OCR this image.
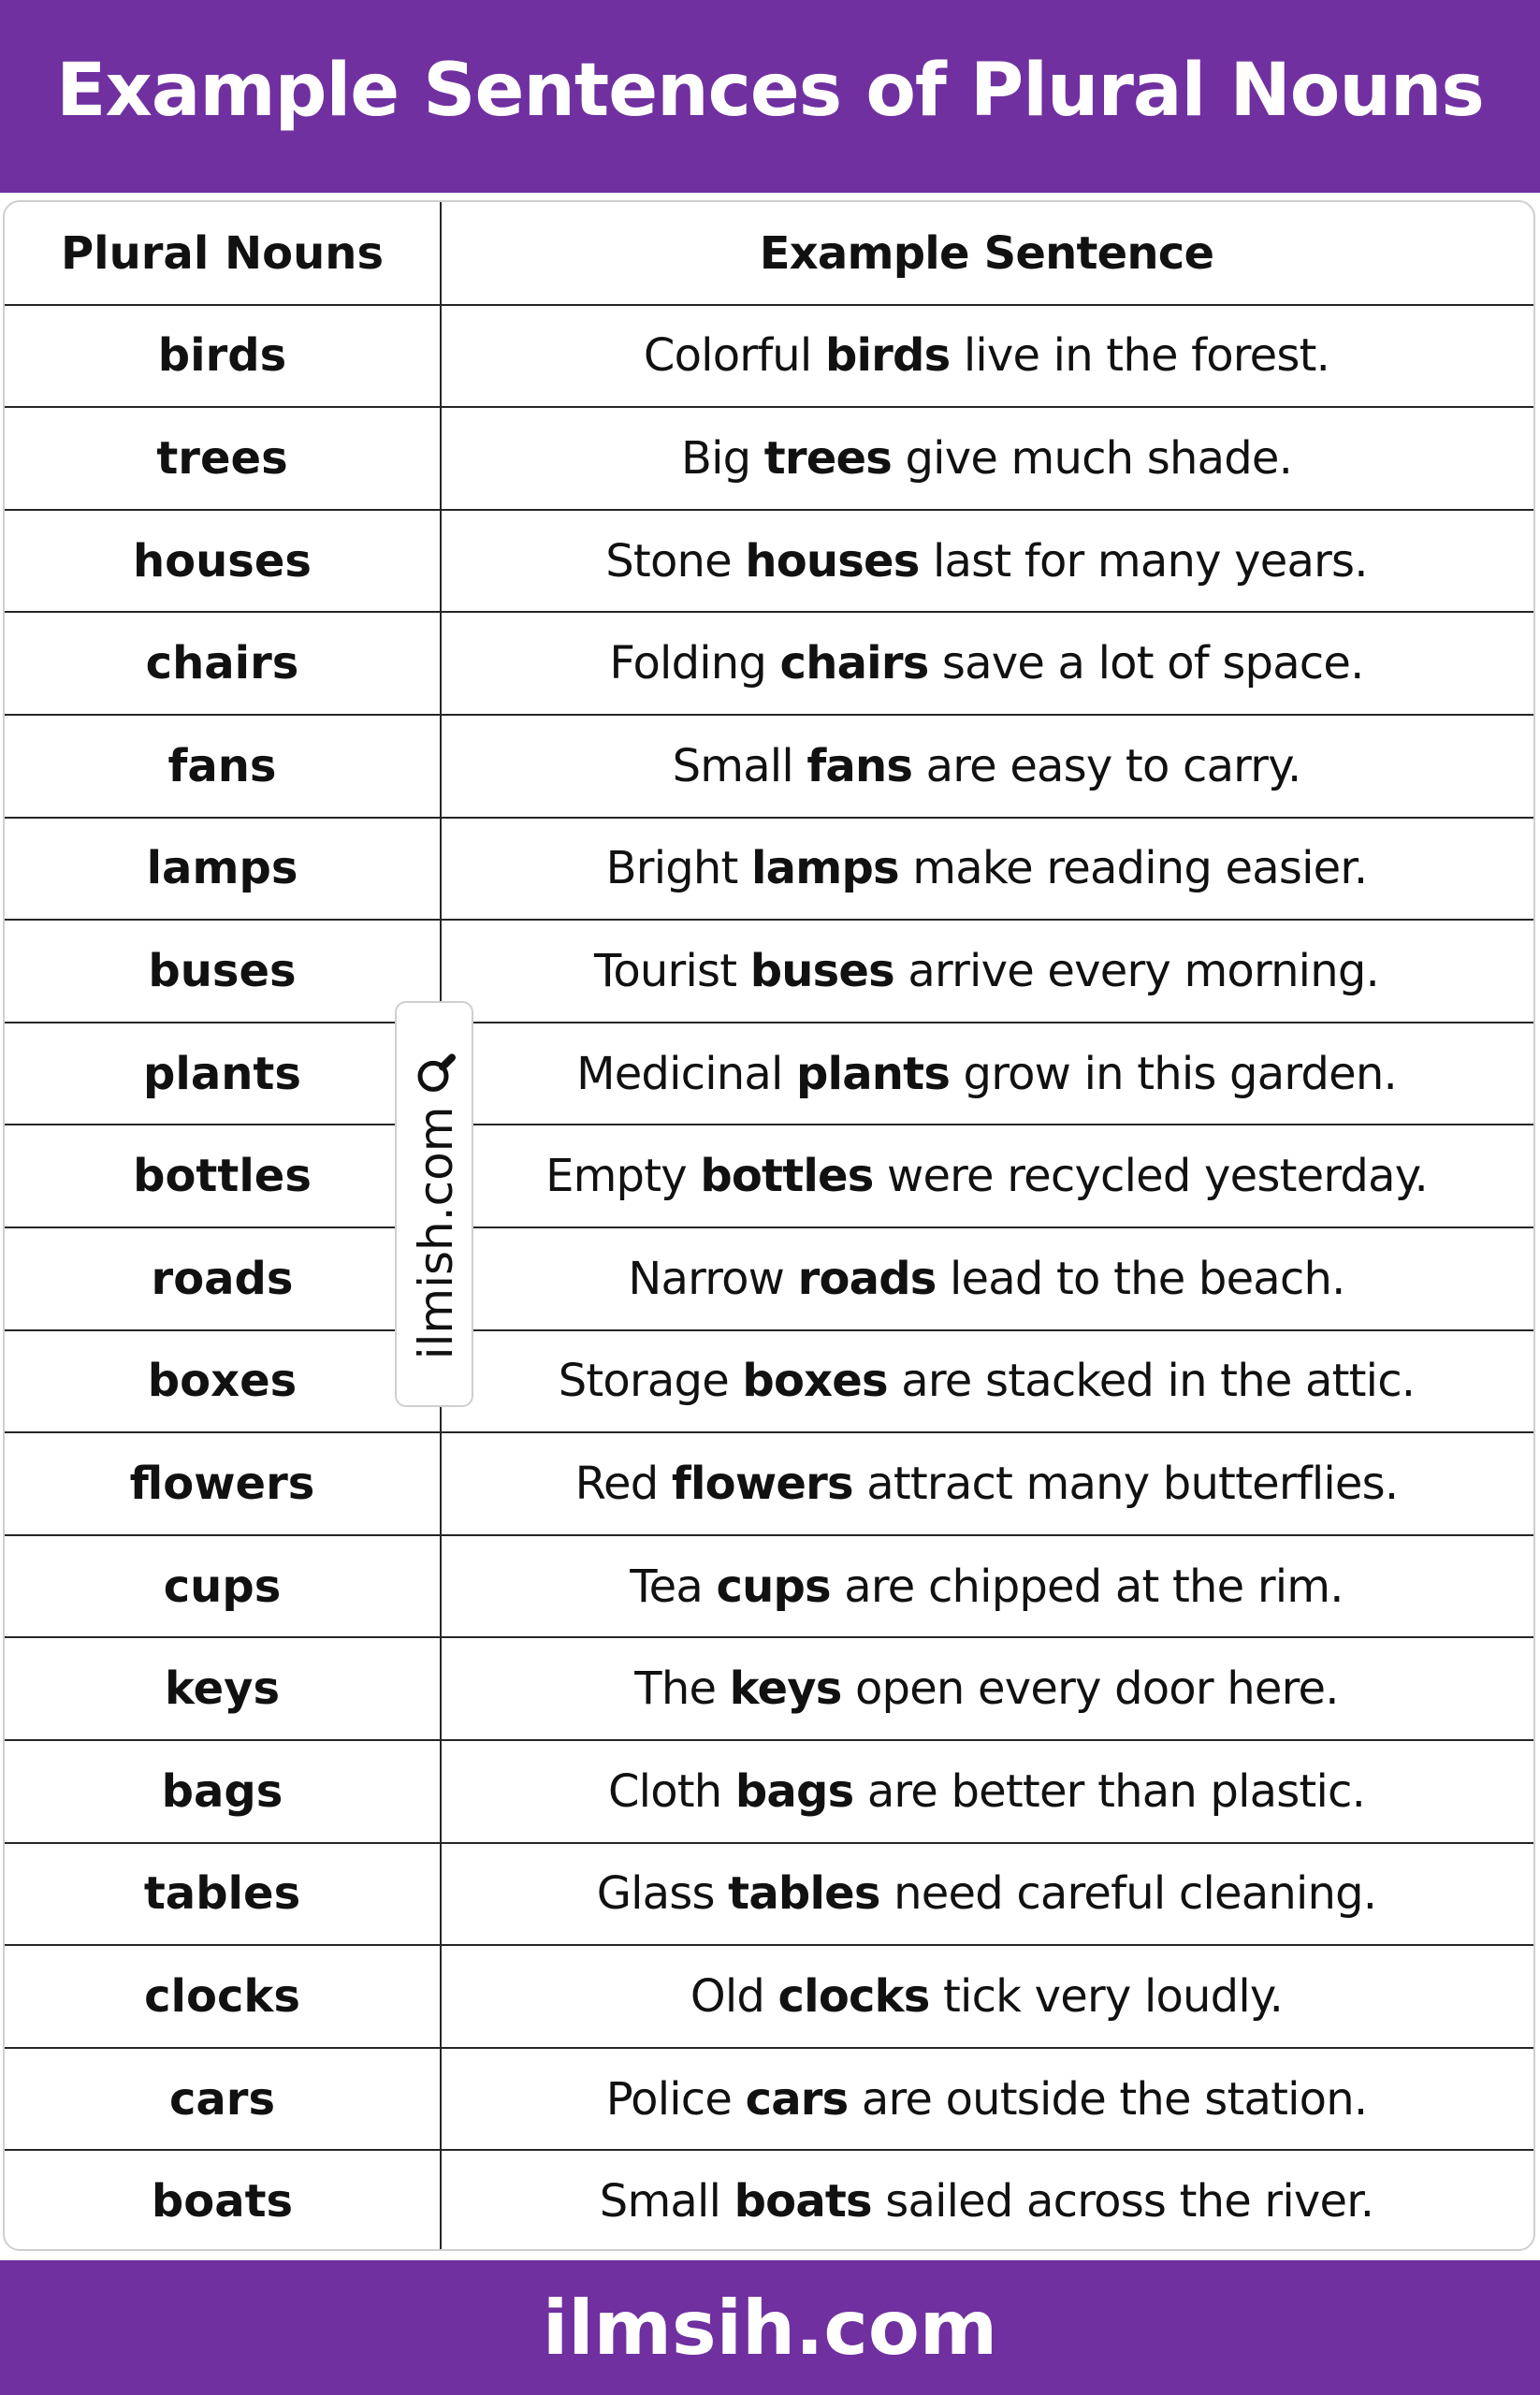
Example Sentences of Plural Nouns
Plural Nouns	Example Sentence
birds	Colorful birds live in the forest.
trees	Big trees give much shade.
houses	Stone houses last for many years.
chairs	Folding chairs save a lot of space.
fans	Small fans are easy to carry.
lamps	Bright lamps make reading easier.
buses	Tourist buses arrive every morning.
plants	Medicinal plants grow in this garden.
bottles	Empty bottles were recycled yesterday.
roads	Narrow roads lead to the beach.
boxes	Storage boxes are stacked in the attic.
flowers	Red flowers attract many butterflies.
cups	Tea cups are chipped at the rim.
keys	The keys open every door here.
bags	Cloth bags are better than plastic.
tables	Glass tables need careful cleaning.
clocks	Old clocks tick very loudly.
cars	Police cars are outside the station.
boats	Small boats sailed across the river.
ilmish.com
ilmsih.com
